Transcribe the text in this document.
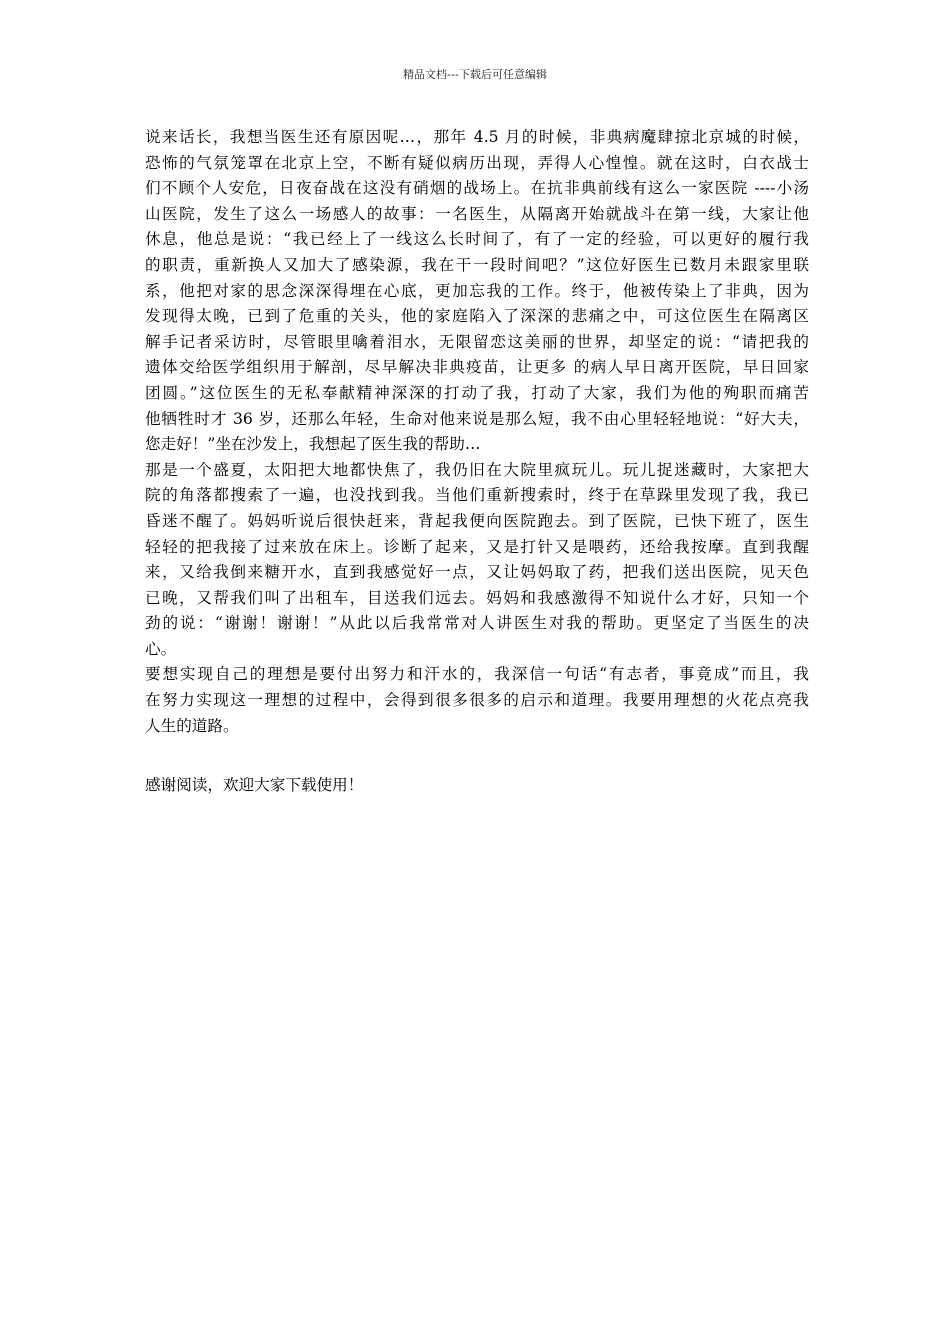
精品文档---下载后可任意编辑
说来话长，我想当医生还有原因呢…，那年 4.5 月的时候，非典病魔肆掠北京城的时候，
恐怖的气氛笼罩在北京上空，不断有疑似病历出现，弄得人心惶惶。就在这时，白衣战士
们不顾个人安危，日夜奋战在这没有硝烟的战场上。在抗非典前线有这么一家医院 ----小汤
山医院，发生了这么一场感人的故事：一名医生，从隔离开始就战斗在第一线，大家让他
休息，他总是说：“我已经上了一线这么长时间了，有了一定的经验，可以更好的履行我
的职责，重新换人又加大了感染源，我在干一段时间吧？”这位好医生已数月未跟家里联
系，他把对家的思念深深得埋在心底，更加忘我的工作。终于，他被传染上了非典，因为
发现得太晚，已到了危重的关头，他的家庭陷入了深深的悲痛之中，可这位医生在隔离区
解手记者采访时，尽管眼里噙着泪水，无限留恋这美丽的世界，却坚定的说：“请把我的
遗体交给医学组织用于解剖，尽早解决非典疫苗，让更多 的病人早日离开医院，早日回家
团圆。”这位医生的无私奉献精神深深的打动了我，打动了大家，我们为他的殉职而痛苦
他牺牲时才 36 岁，还那么年轻，生命对他来说是那么短，我不由心里轻轻地说：“好大夫，
您走好！”坐在沙发上，我想起了医生我的帮助…
那是一个盛夏，太阳把大地都快焦了，我仍旧在大院里疯玩儿。玩儿捉迷藏时，大家把大
院的角落都搜索了一遍，也没找到我。当他们重新搜索时，终于在草跺里发现了我，我已
昏迷不醒了。妈妈听说后很快赶来，背起我便向医院跑去。到了医院，已快下班了，医生
轻轻的把我接了过来放在床上。诊断了起来，又是打针又是喂药，还给我按摩。直到我醒
来，又给我倒来糖开水，直到我感觉好一点，又让妈妈取了药，把我们送出医院，见天色
已晚，又帮我们叫了出租车，目送我们远去。妈妈和我感激得不知说什么才好，只知一个
劲的说：“谢谢！谢谢！”从此以后我常常对人讲医生对我的帮助。更坚定了当医生的决
心。
要想实现自己的理想是要付出努力和汗水的，我深信一句话“有志者，事竟成”而且，我
在努力实现这一理想的过程中，会得到很多很多的启示和道理。我要用理想的火花点亮我
人生的道路。
感谢阅读，欢迎大家下载使用！
